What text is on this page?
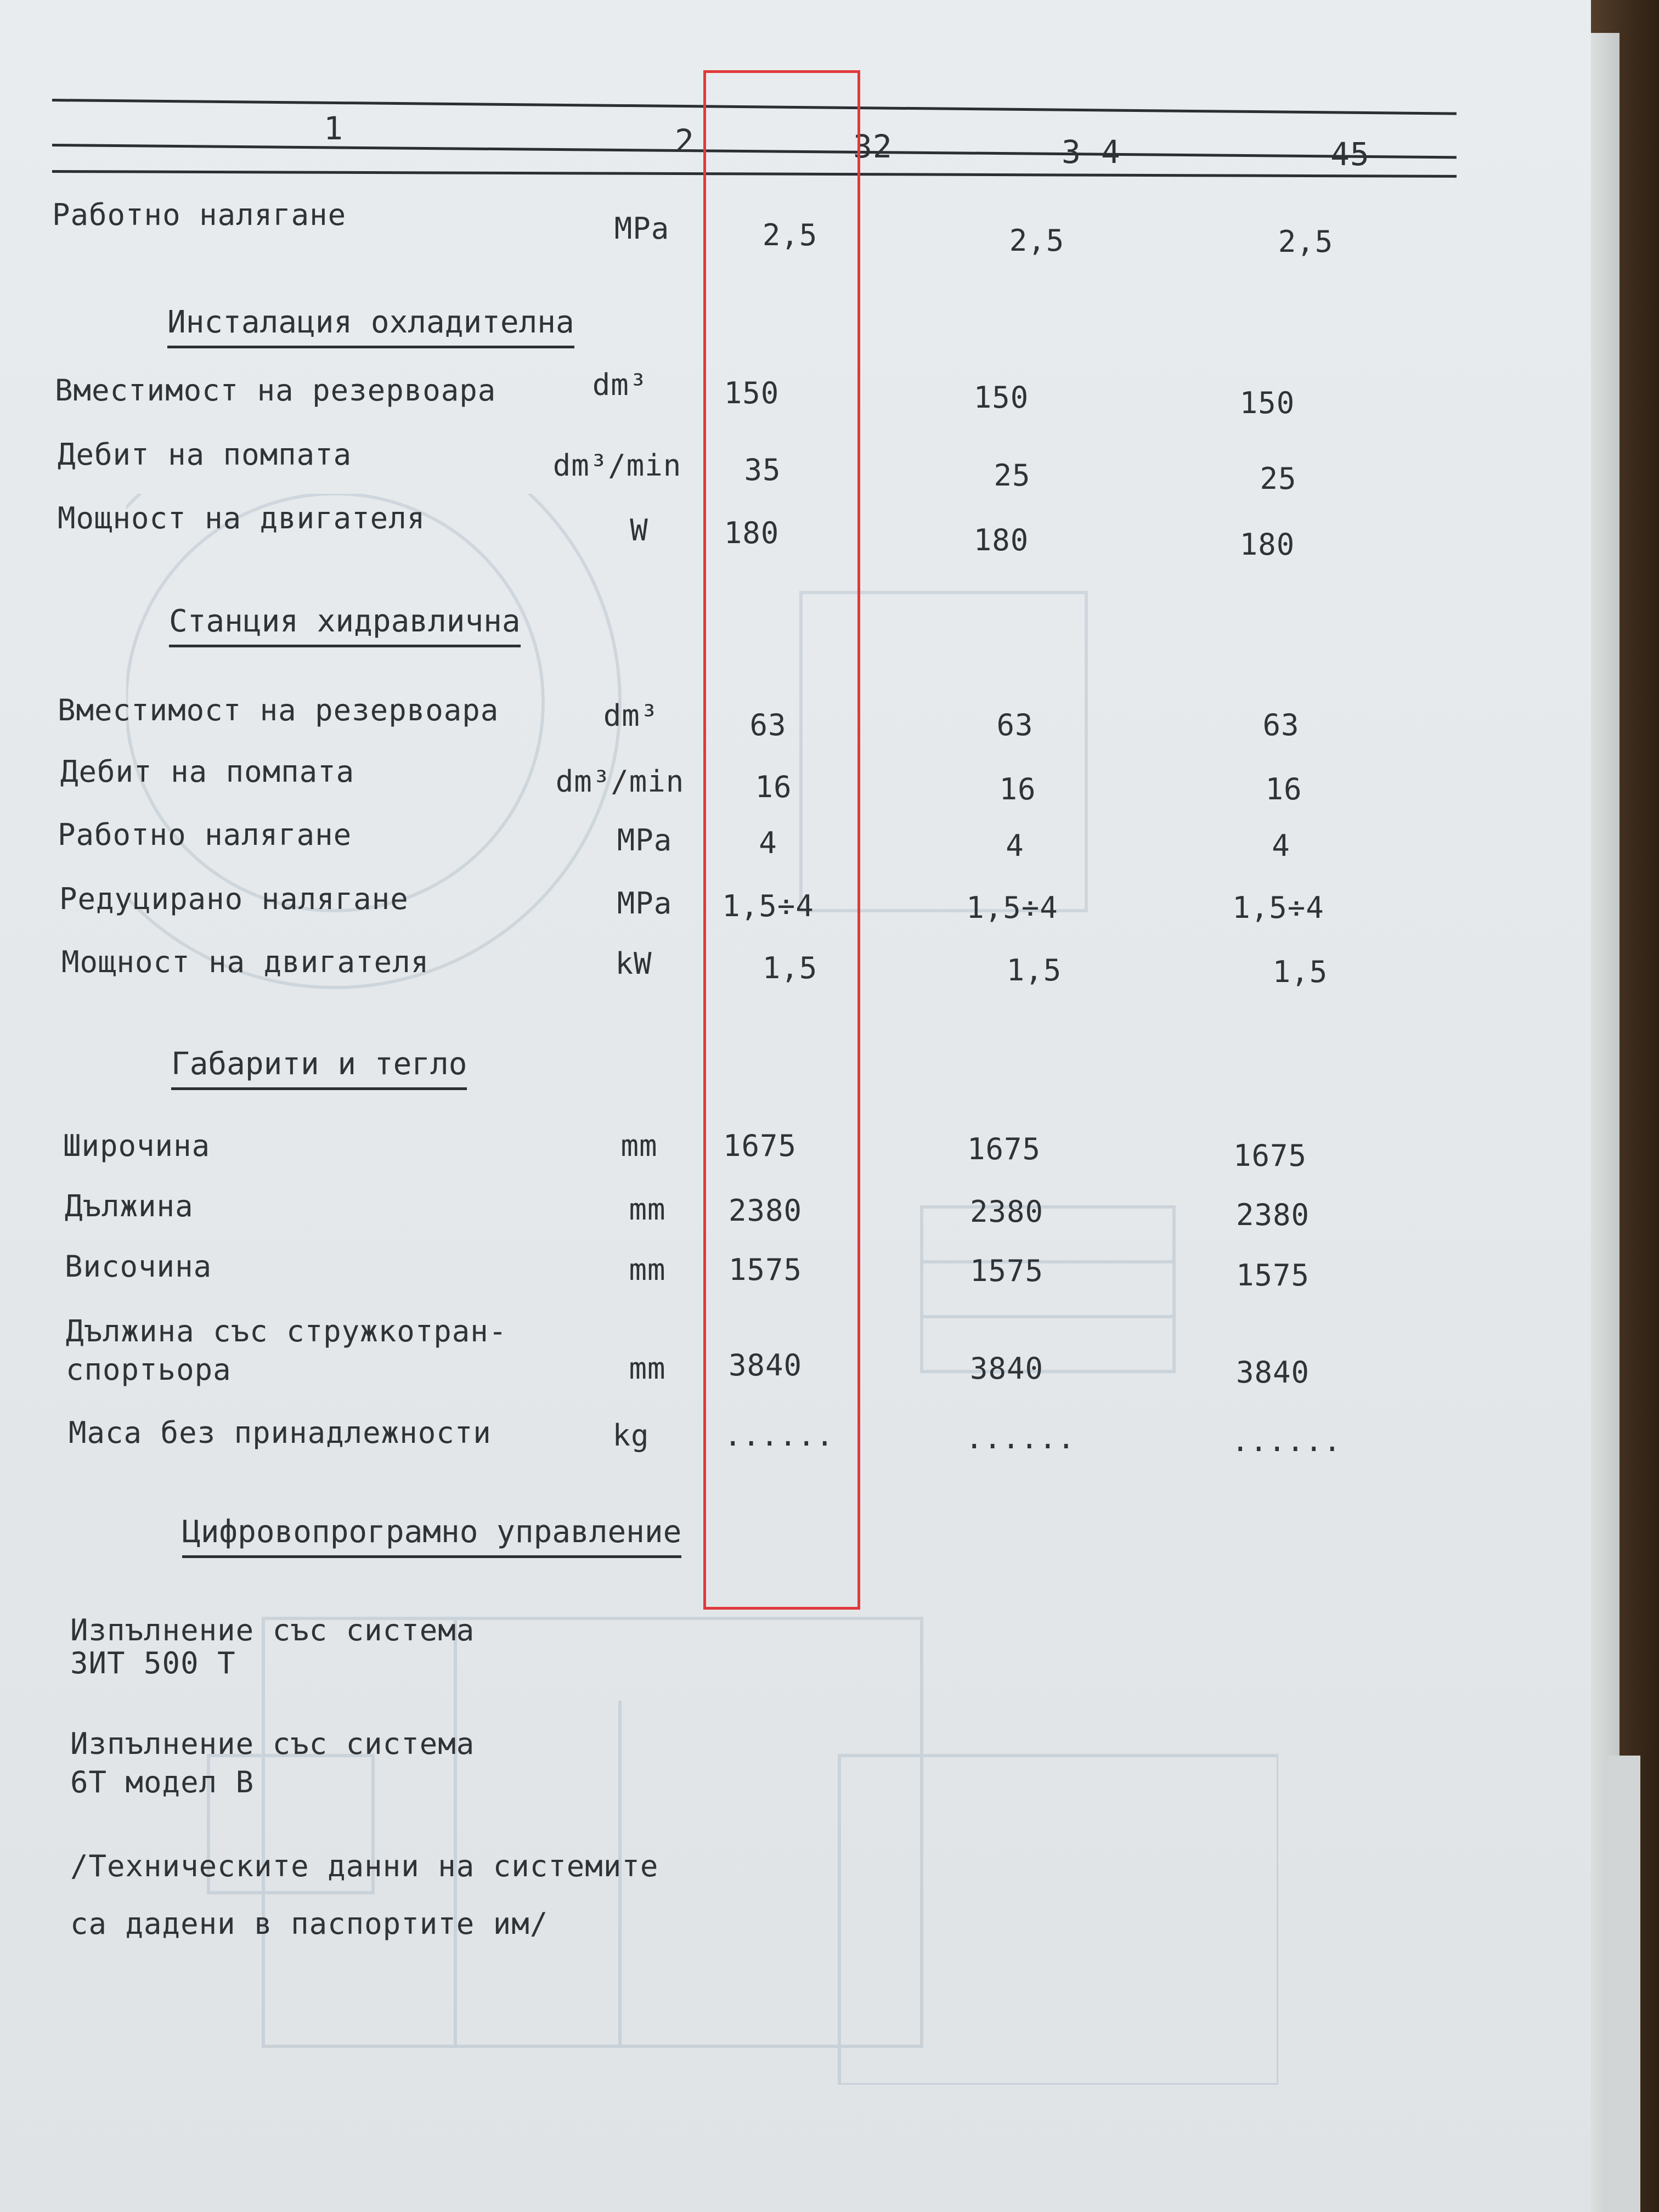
1	2	32	3 4	45
Работно налягане	MPa	2,5	2,5	2,5
Инсталация охладителна
Вместимост на резервоара	dm³	150	150	150
Дебит на помпата	dm³/min	35	25	25
Мощност на двигателя	W	180	180	180
Станция хидравлична
Вместимост на резервоара	dm³	63	63	63
Дебит на помпата	dm³/min	16	16	16
Работно налягане	MPa	4	4	4
Редуцирано налягане	MPa	1,5÷4	1,5÷4	1,5÷4
Мощност на двигателя	kW	1,5	1,5	1,5
Габарити и тегло
Широчина	mm	1675	1675	1675
Дължина	mm	2380	2380	2380
Височина	mm	1575	1575	1575
Дължина със стружкотран-
спортьора	mm	3840	3840	3840
Маса без принадлежности	kg	......	......	......
Цифровопрограмно управление
Изпълнение със система
ЗИТ 500 Т
Изпълнение със система
6Т модел В
/Техническите данни на системите
са дадени в паспортите им/
